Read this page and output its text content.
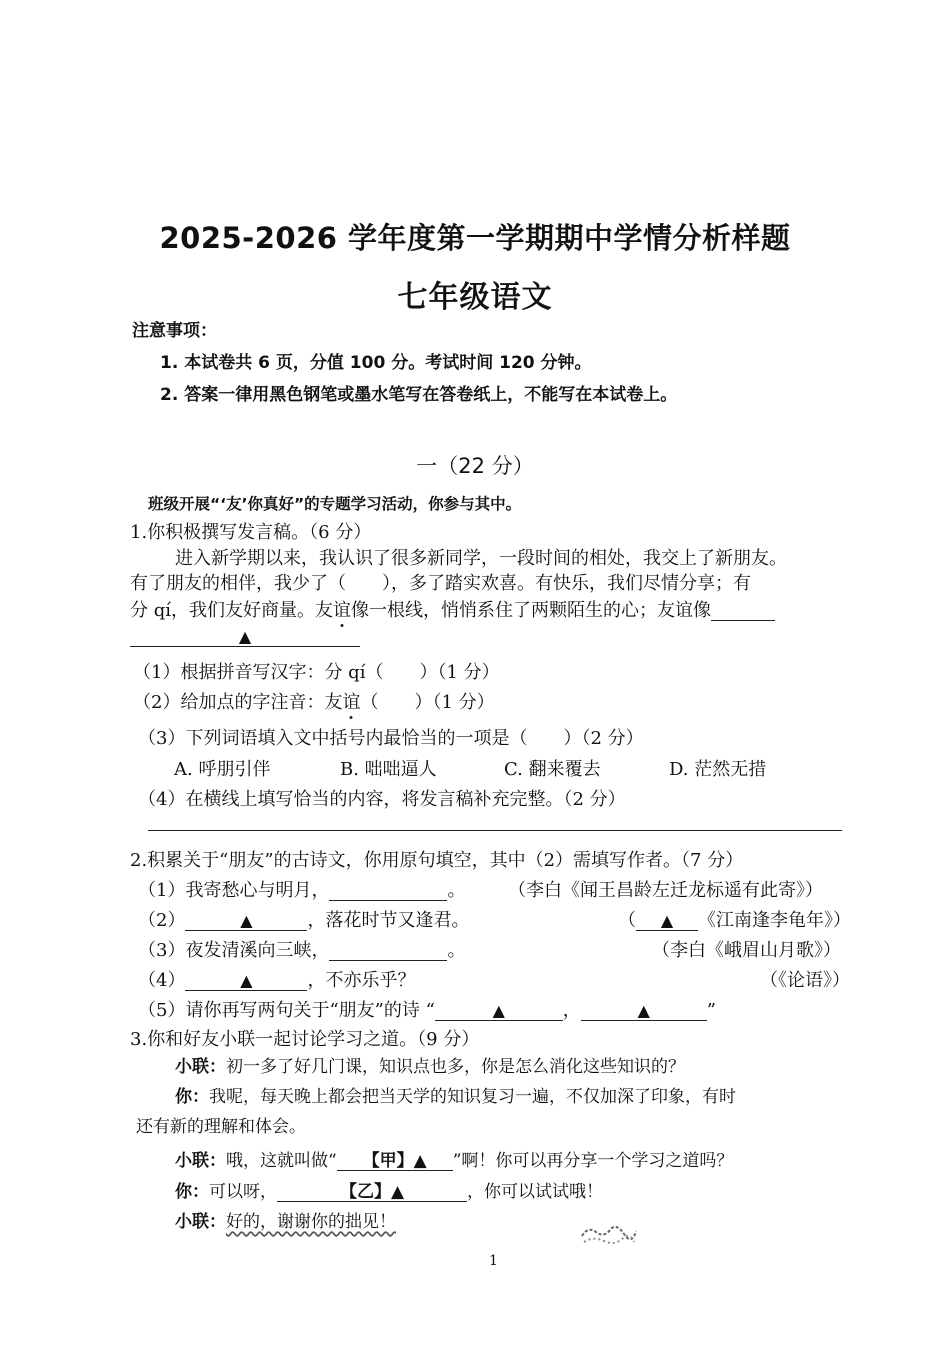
2025-2026 学年度第一学期期中学情分析样题
七年级语文
注意事项：
1. 本试卷共 6 页，分值 100 分。考试时间 120 分钟。
2. 答案一律用黑色钢笔或墨水笔写在答卷纸上，不能写在本试卷上。
一（22 分）
班级开展“‘友’你真好”的专题学习活动，你参与其中。
1.你积极撰写发言稿。（6 分）
进入新学期以来，我认识了很多新同学，一段时间的相处，我交上了新朋友。
有了朋友的相伴，我少了（　　），多了踏实欢喜。有快乐，我们尽情分享；有
分 qí，我们友好商量。友谊像一根线，悄悄系住了两颗陌生的心；友谊像
▲
（1）根据拼音写汉字：分 qí（　　）（1 分）
（2）给加点的字注音：友谊（　　）（1 分）
（3）下列词语填入文中括号内最恰当的一项是（　　）（2 分）
A. 呼朋引伴	B. 咄咄逼人	C. 翻来覆去	D. 茫然无措
（4）在横线上填写恰当的内容，将发言稿补充完整。（2 分）
2.积累关于“朋友”的古诗文，你用原句填空，其中（2）需填写作者。（7 分）
（1）我寄愁心与明月，	。 （李白《闻王昌龄左迁龙标遥有此寄》）
（2）	▲	，落花时节又逢君。	（ ▲ 《江南逢李龟年》）
（3）夜发清溪向三峡，	。	（李白《峨眉山月歌》）
（4）	▲	，不亦乐乎？	（《论语》）
（5）请你再写两句关于“朋友”的诗 “	▲	，	▲	”
3.你和好友小联一起讨论学习之道。（9 分）
小联：初一多了好几门课，知识点也多，你是怎么消化这些知识的？
你：我呢，每天晚上都会把当天学的知识复习一遍，不仅加深了印象，有时
还有新的理解和体会。
小联：哦，这就叫做“ 【甲】▲ ”啊！你可以再分享一个学习之道吗？
你：可以呀，	【乙】▲	，你可以试试哦！
小联：好的，谢谢你的拙见！
1
